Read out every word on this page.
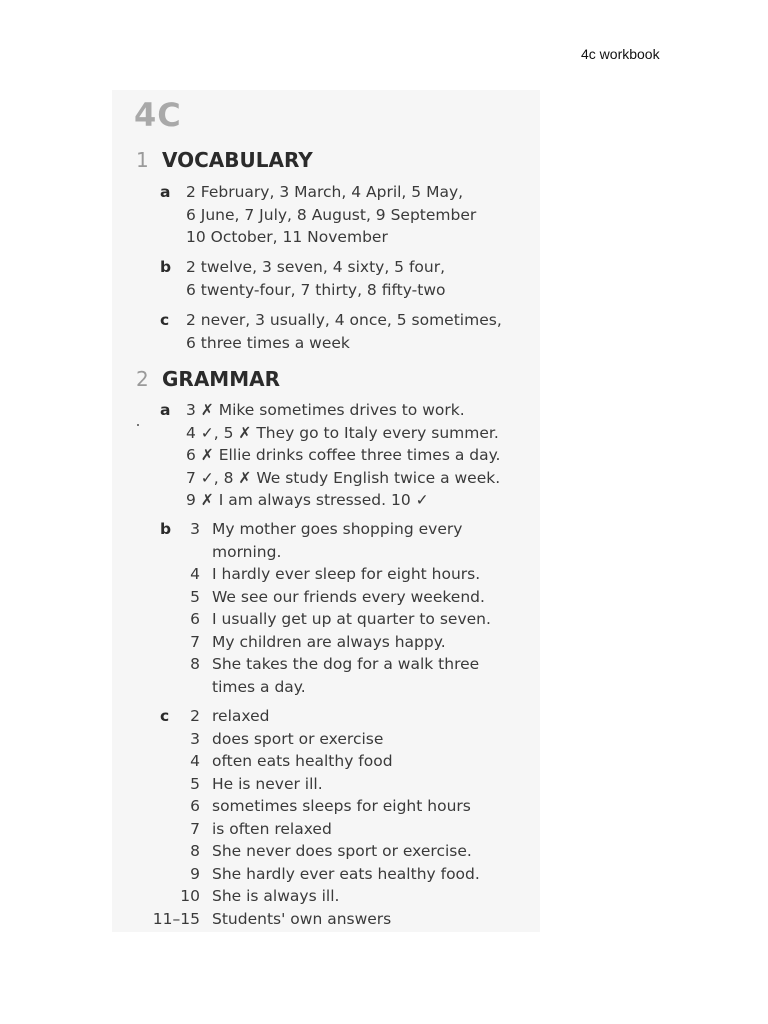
4c workbook
4C
1 VOCABULARY
a 2 February, 3 March, 4 April, 5 May,
6 June, 7 July, 8 August, 9 September
10 October, 11 November
b 2 twelve, 3 seven, 4 sixty, 5 four,
6 twenty-four, 7 thirty, 8 fifty-two
c 2 never, 3 usually, 4 once, 5 sometimes,
6 three times a week
2 GRAMMAR
a 3 ✗ Mike sometimes drives to work.
4 ✓, 5 ✗ They go to Italy every summer.
6 ✗ Ellie drinks coffee three times a day.
7 ✓, 8 ✗ We study English twice a week.
9 ✗ I am always stressed. 10 ✓
b	3 My mother goes shopping every morning.
4 I hardly ever sleep for eight hours.
5 We see our friends every weekend.
6 I usually get up at quarter to seven.
7 My children are always happy.
8 She takes the dog for a walk three times a day.
c	2 relaxed
3 does sport or exercise
4 often eats healthy food
5 He is never ill.
6 sometimes sleeps for eight hours
7 is often relaxed
8 She never does sport or exercise.
9 She hardly ever eats healthy food.
10 She is always ill.
11–15 Students' own answers
